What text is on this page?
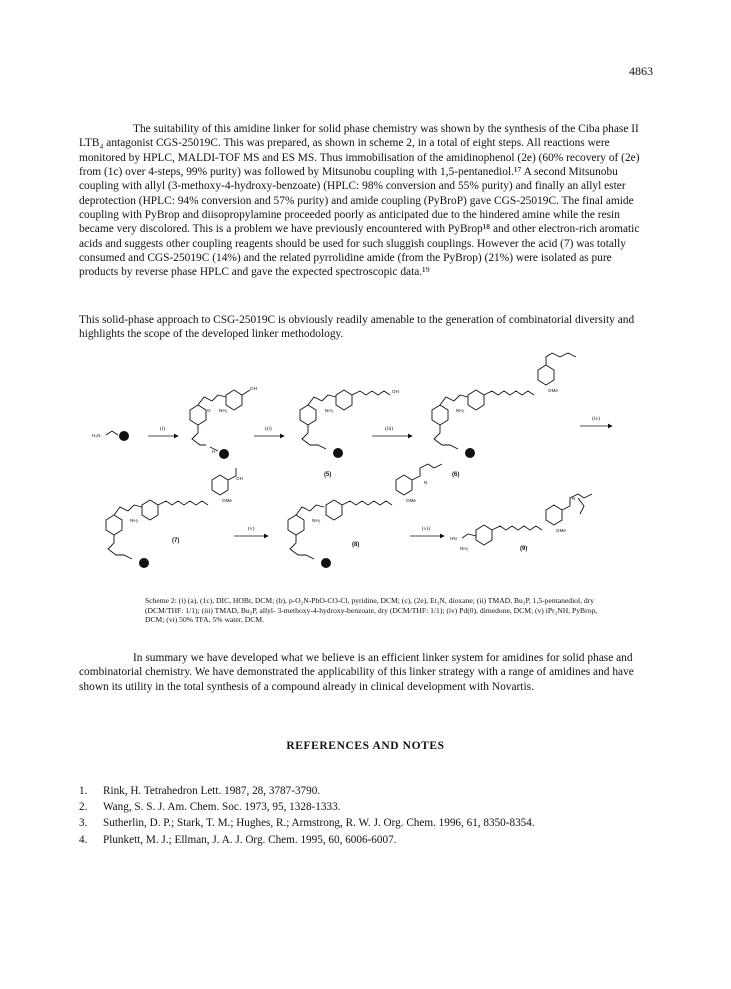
4863
The suitability of this amidine linker for solid phase chemistry was shown by the synthesis of the Ciba phase II LTB₄ antagonist CGS-25019C. This was prepared, as shown in scheme 2, in a total of eight steps. All reactions were monitored by HPLC, MALDI-TOF MS and ES MS. Thus immobilisation of the amidinophenol (2e) (60% recovery of (2e) from (1c) over 4-steps, 99% purity) was followed by Mitsunobu coupling with 1,5-pentanediol.¹⁷ A second Mitsunobu coupling with allyl (3-methoxy-4-hydroxy-benzoate) (HPLC: 98% conversion and 55% purity) and finally an allyl ester deprotection (HPLC: 94% conversion and 57% purity) and amide coupling (PyBroP) gave CGS-25019C. The final amide coupling with PyBrop and diisopropylamine proceeded poorly as anticipated due to the hindered amine while the resin became very discolored. This is a problem we have previously encountered with PyBrop¹⁸ and other electron-rich aromatic acids and suggests other coupling reagents should be used for such sluggish couplings. However the acid (7) was totally consumed and CGS-25019C (14%) and the related pyrrolidine amide (from the PyBrop) (21%) were isolated as pure products by reverse phase HPLC and gave the expected spectroscopic data.¹⁹
This solid-phase approach to CSG-25019C is obviously readily amenable to the generation of combinatorial diversity and highlights the scope of the developed linker methodology.
H₂N
(i)
O NH₂
OH
H
(ii)
NH₂
OH
(5)
(iii)
NH₂
OMe
(6)
(iv)
NH₂
OH
OMe
(7)
(v)
NH₂
N
OMe
(8)
(vi)
HN
NH₂
N
OMe
(9)
Scheme 2: (i) (a), (1c), DIC, HOBt, DCM; (b), p-O₂N-PhO-CO-Cl, pyridine, DCM; (c), (2e), Et₃N, dioxane; (ii) TMAD, Bu₃P, 1,5-pentanediol, dry (DCM/THF: 1/1); (iii) TMAD, Bu₃P, allyl- 3-methoxy-4-hydroxy-benzoate, dry (DCM/THF: 1/1); (iv) Pd(0), dimedone, DCM; (v) iPr₂NH, PyBrop, DCM; (vi) 50% TFA, 5% water, DCM.
In summary we have developed what we believe is an efficient linker system for amidines for solid phase and combinatorial chemistry. We have demonstrated the applicability of this linker strategy with a range of amidines and have shown its utility in the total synthesis of a compound already in clinical development with Novartis.
REFERENCES AND NOTES
1.	Rink, H. Tetrahedron Lett. 1987, 28, 3787-3790.
2.	Wang, S. S. J. Am. Chem. Soc. 1973, 95, 1328-1333.
3.	Sutherlin, D. P.; Stark, T. M.; Hughes, R.; Armstrong, R. W. J. Org. Chem. 1996, 61, 8350-8354.
4.	Plunkett, M. J.; Ellman, J. A. J. Org. Chem. 1995, 60, 6006-6007.
